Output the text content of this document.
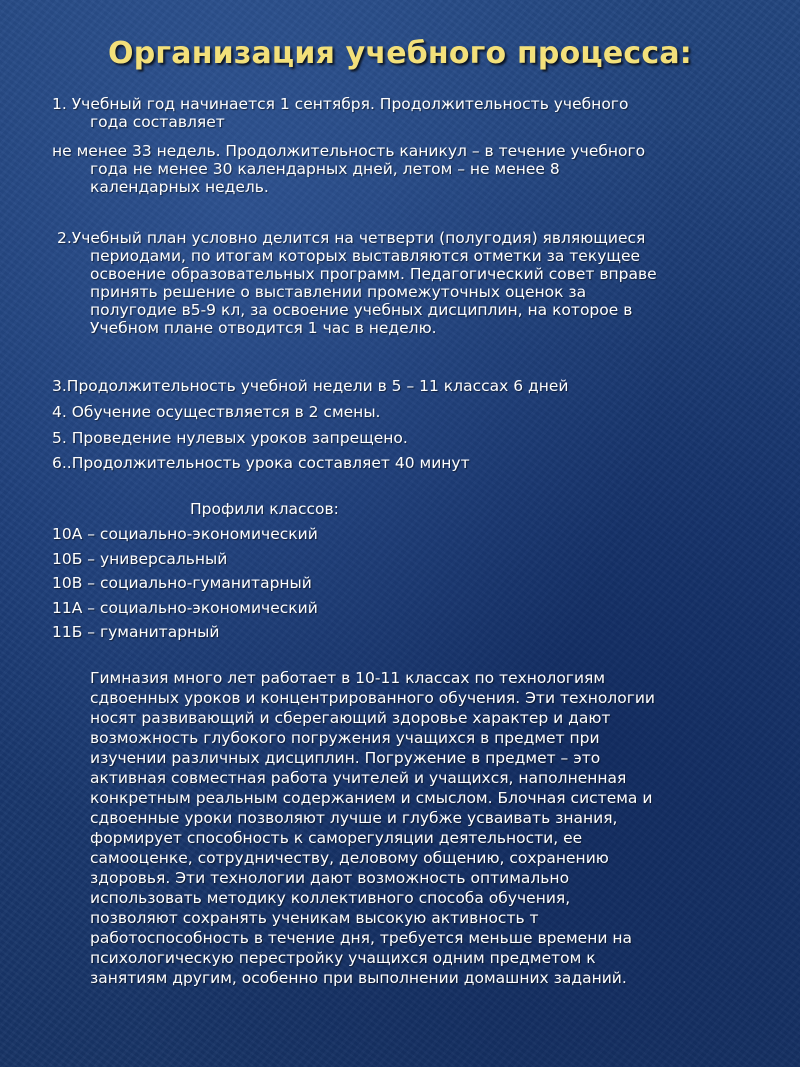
Организация учебного процесса:
1. Учебный год начинается 1 сентября. Продолжительность учебного
года составляет
не менее 33 недель. Продолжительность каникул – в течение учебного
года не менее 30 календарных дней, летом – не менее 8
календарных недель.
2.Учебный план условно делится на четверти (полугодия) являющиеся
периодами, по итогам которых выставляются отметки за текущее
освоение образовательных программ. Педагогический совет вправе
принять решение о выставлении промежуточных оценок за
полугодие в5-9 кл, за освоение учебных дисциплин, на которое в
Учебном плане отводится 1 час в неделю.
3.Продолжительность учебной недели в 5 – 11 классах 6 дней
4. Обучение осуществляется в 2 смены.
5. Проведение нулевых уроков запрещено.
6..Продолжительность урока составляет 40 минут
Профили классов:
10А – социально-экономический
10Б – универсальный
10В – социально-гуманитарный
11А – социально-экономический
11Б – гуманитарный
Гимназия много лет работает в 10-11 классах по технологиям
сдвоенных уроков и концентрированного обучения. Эти технологии
носят развивающий и сберегающий здоровье характер и дают
возможность глубокого погружения учащихся в предмет при
изучении различных дисциплин. Погружение в предмет – это
активная совместная работа учителей и учащихся, наполненная
конкретным реальным содержанием и смыслом. Блочная система и
сдвоенные уроки позволяют лучше и глубже усваивать знания,
формирует способность к саморегуляции деятельности, ее
самооценке, сотрудничеству, деловому общению, сохранению
здоровья. Эти технологии дают возможность оптимально
использовать методику коллективного способа обучения,
позволяют сохранять ученикам высокую активность т
работоспособность в течение дня, требуется меньше времени на
психологическую перестройку учащихся одним предметом к
занятиям другим, особенно при выполнении домашних заданий.
